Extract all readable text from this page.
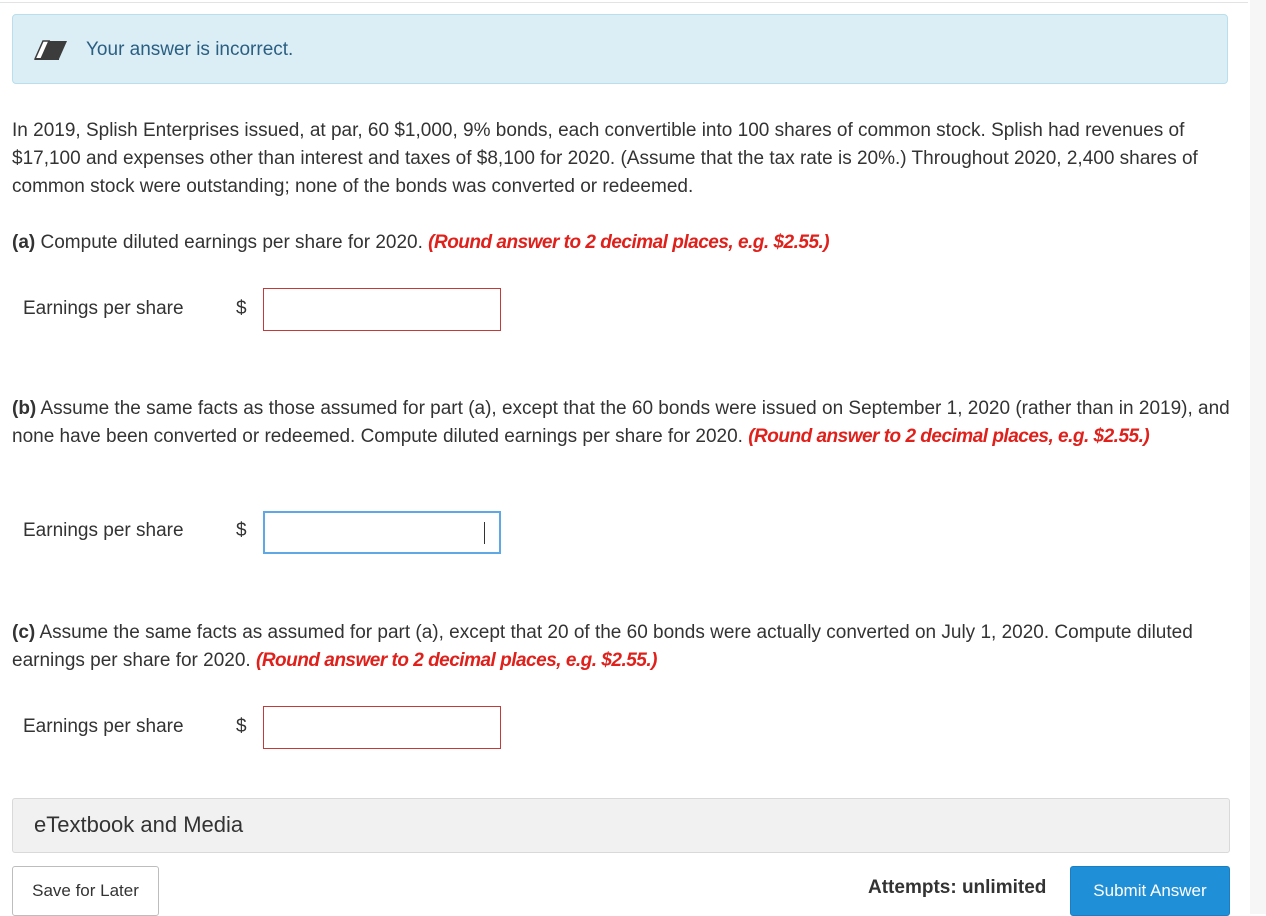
Your answer is incorrect.

In 2019, Splish Enterprises issued, at par, 60 $1,000, 9% bonds, each convertible into 100 shares of common stock. Splish had revenues of $17,100 and expenses other than interest and taxes of $8,100 for 2020. (Assume that the tax rate is 20%.) Throughout 2020, 2,400 shares of common stock were outstanding; none of the bonds was converted or redeemed.

(a) Compute diluted earnings per share for 2020. (Round answer to 2 decimal places, e.g. $2.55.)

Earnings per share	$

(b) Assume the same facts as those assumed for part (a), except that the 60 bonds were issued on September 1, 2020 (rather than in 2019), and none have been converted or redeemed. Compute diluted earnings per share for 2020. (Round answer to 2 decimal places, e.g. $2.55.)

Earnings per share	$

(c) Assume the same facts as assumed for part (a), except that 20 of the 60 bonds were actually converted on July 1, 2020. Compute diluted earnings per share for 2020. (Round answer to 2 decimal places, e.g. $2.55.)

Earnings per share	$
eTextbook and Media
Save for Later	Attempts: unlimited	Submit Answer
